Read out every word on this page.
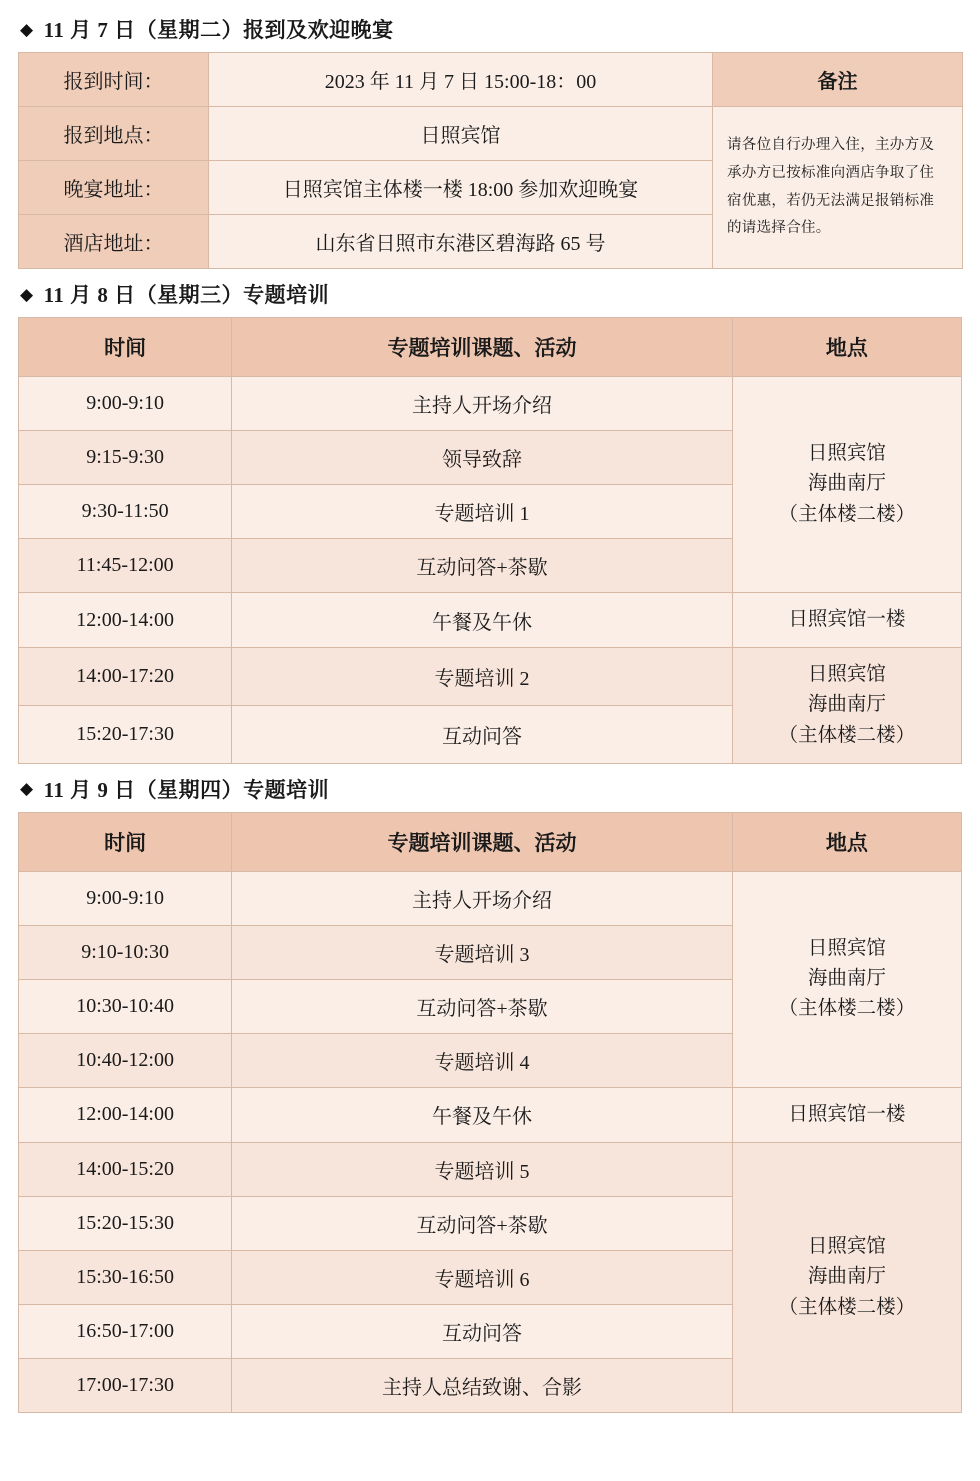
◆ 11 月 7 日（星期二）报到及欢迎晚宴
报到时间：	2023 年 11 月 7 日 15:00-18：00	备注
报到地点：	日照宾馆	请各位自行办理入住，主办方及承办方已按标准向酒店争取了住宿优惠，若仍无法满足报销标准的请选择合住。
晚宴地址：	日照宾馆主体楼一楼 18:00 参加欢迎晚宴	
酒店地址：	山东省日照市东港区碧海路 65 号	
◆ 11 月 8 日（星期三）专题培训
时间	专题培训课题、活动	地点
9:00-9:10	主持人开场介绍	日照宾馆
海曲南厅
（主体楼二楼）

9:15-9:30	领导致辞	
9:30-11:50	专题培训 1	
11:45-12:00	互动问答+茶歇	
12:00-14:00	午餐及午休	日照宾馆一楼

14:00-17:20	专题培训 2	日照宾馆
海曲南厅
（主体楼二楼）

15:20-17:30	互动问答	
◆ 11 月 9 日（星期四）专题培训
时间	专题培训课题、活动	地点
9:00-9:10	主持人开场介绍	日照宾馆
海曲南厅
（主体楼二楼）

9:10-10:30	专题培训 3	
10:30-10:40	互动问答+茶歇	
10:40-12:00	专题培训 4	
12:00-14:00	午餐及午休	日照宾馆一楼

14:00-15:20	专题培训 5	日照宾馆
海曲南厅
（主体楼二楼）

15:20-15:30	互动问答+茶歇	
15:30-16:50	专题培训 6	
16:50-17:00	互动问答	
17:00-17:30	主持人总结致谢、合影	
